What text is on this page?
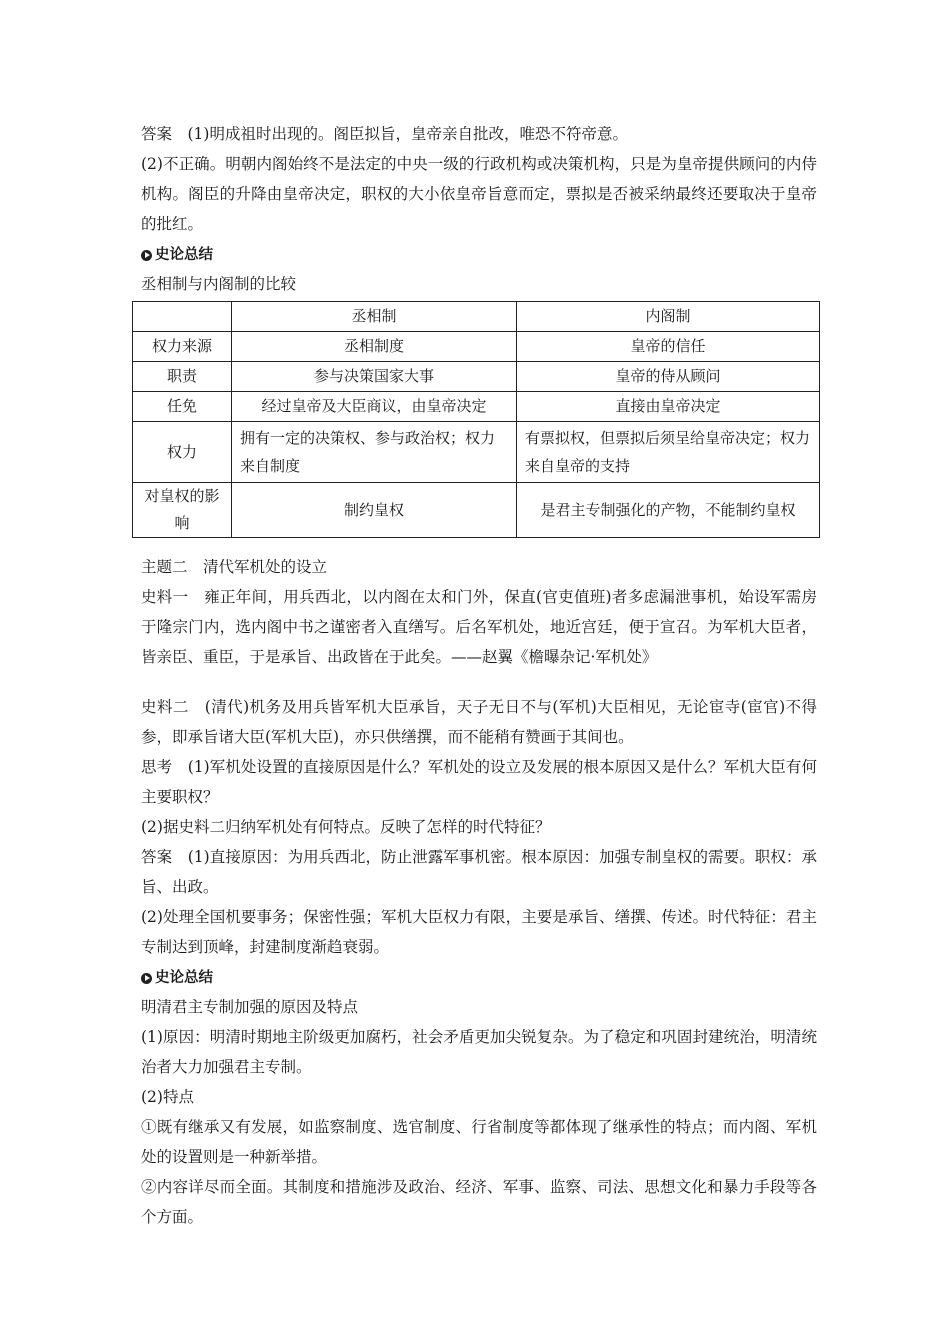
答案　(1)明成祖时出现的。阁臣拟旨，皇帝亲自批改，唯恐不符帝意。

(2)不正确。明朝内阁始终不是法定的中央一级的行政机构或决策机构，只是为皇帝提供顾问的内侍机构。阁臣的升降由皇帝决定，职权的大小依皇帝旨意而定，票拟是否被采纳最终还要取决于皇帝的批红。

史论总结

丞相制与内阁制的比较

	丞相制	内阁制
权力来源	丞相制度	皇帝的信任
职责	参与决策国家大事	皇帝的侍从顾问
任免	经过皇帝及大臣商议，由皇帝决定	直接由皇帝决定
权力	拥有一定的决策权、参与政治权；权力来自制度	有票拟权，但票拟后须呈给皇帝决定；权力来自皇帝的支持
对皇权的影响	制约皇权	是君主专制强化的产物，不能制约皇权

主题二　清代军机处的设立

史料一　雍正年间，用兵西北，以内阁在太和门外，保直(官吏值班)者多虑漏泄事机，始设军需房于隆宗门内，选内阁中书之谨密者入直缮写。后名军机处，地近宫廷，便于宣召。为军机大臣者，皆亲臣、重臣，于是承旨、出政皆在于此矣。——赵翼《檐曝杂记·军机处》

史料二　(清代)机务及用兵皆军机大臣承旨，天子无日不与(军机)大臣相见，无论宦寺(宦官)不得参，即承旨诸大臣(军机大臣)，亦只供缮撰，而不能稍有赞画于其间也。

思考　(1)军机处设置的直接原因是什么？军机处的设立及发展的根本原因又是什么？军机大臣有何主要职权？

(2)据史料二归纳军机处有何特点。反映了怎样的时代特征？

答案　(1)直接原因：为用兵西北，防止泄露军事机密。根本原因：加强专制皇权的需要。职权：承旨、出政。

(2)处理全国机要事务；保密性强；军机大臣权力有限，主要是承旨、缮撰、传述。时代特征：君主专制达到顶峰，封建制度渐趋衰弱。

史论总结

明清君主专制加强的原因及特点

(1)原因：明清时期地主阶级更加腐朽，社会矛盾更加尖锐复杂。为了稳定和巩固封建统治，明清统治者大力加强君主专制。

(2)特点

①既有继承又有发展，如监察制度、选官制度、行省制度等都体现了继承性的特点；而内阁、军机处的设置则是一种新举措。

②内容详尽而全面。其制度和措施涉及政治、经济、军事、监察、司法、思想文化和暴力手段等各个方面。
